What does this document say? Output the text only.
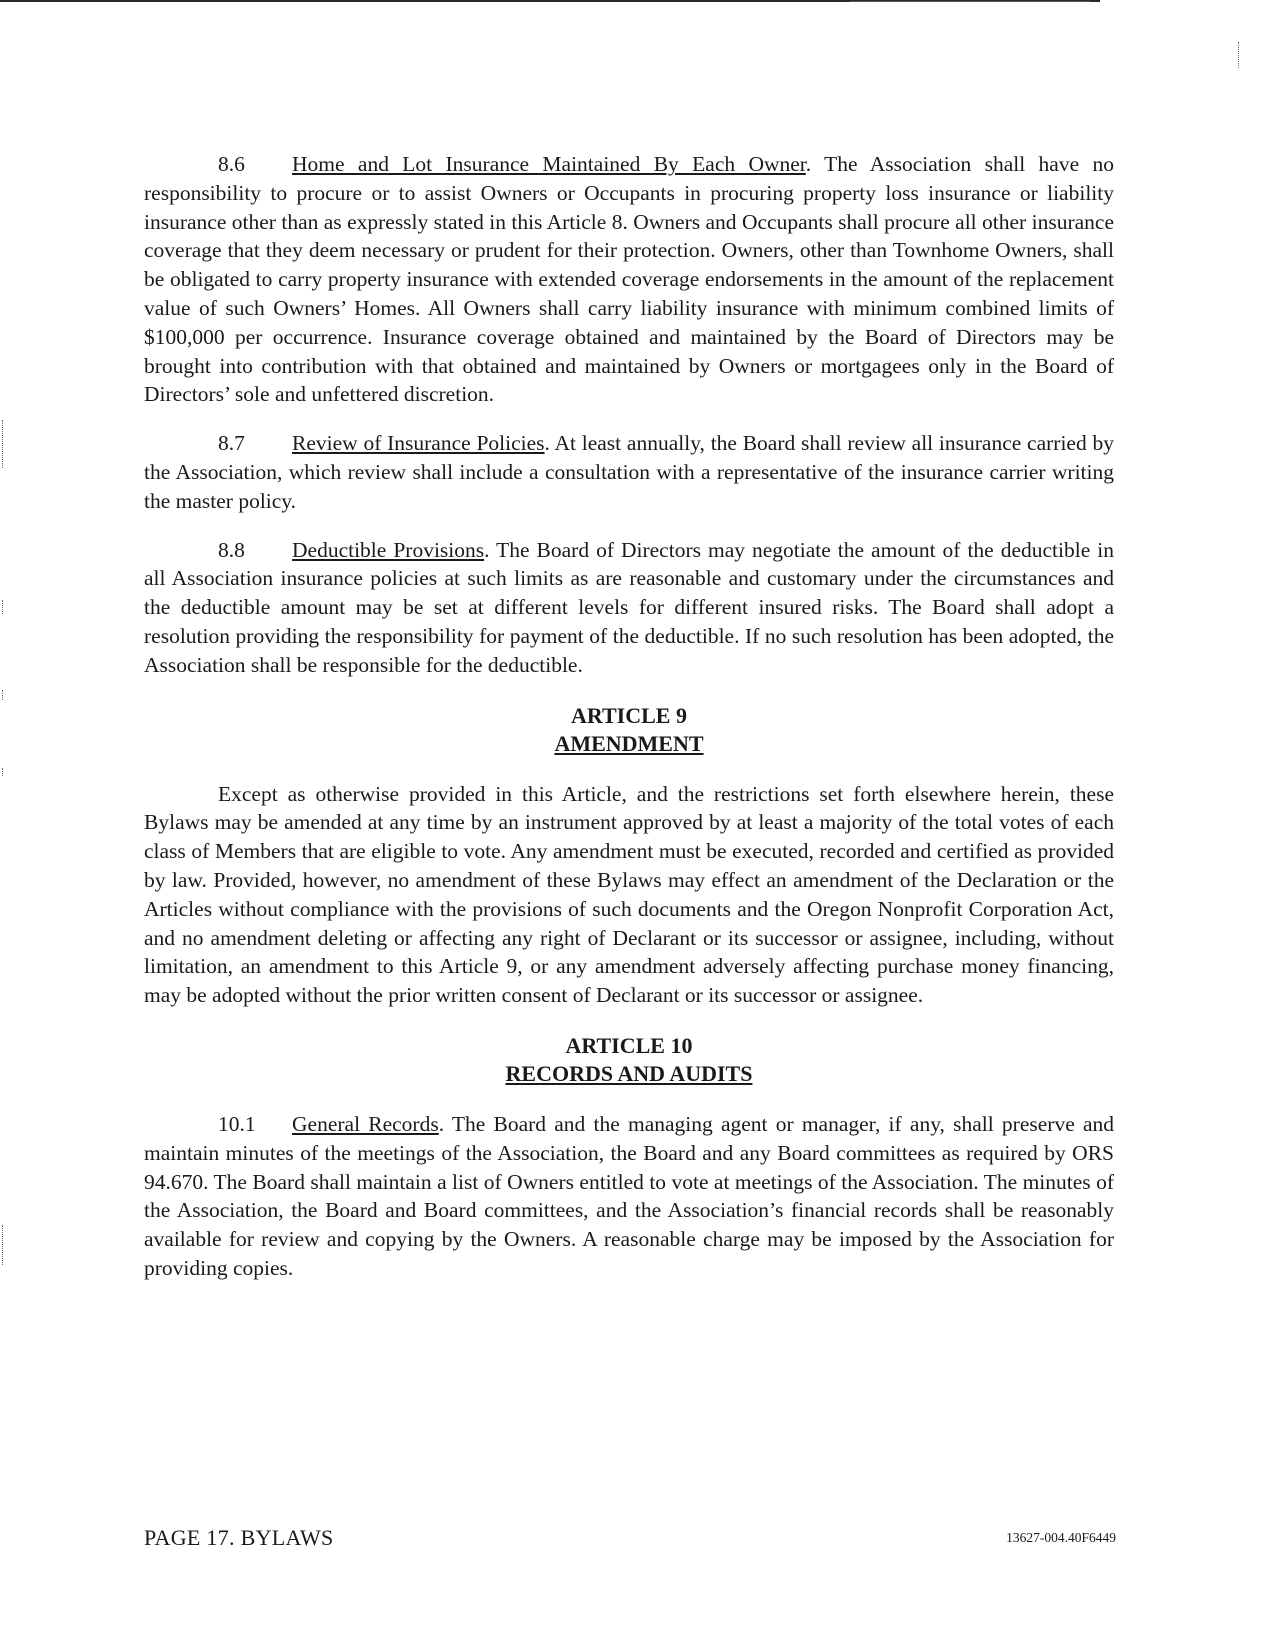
8.6 Home and Lot Insurance Maintained By Each Owner. The Association shall have no responsibility to procure or to assist Owners or Occupants in procuring property loss insurance or liability insurance other than as expressly stated in this Article 8. Owners and Occupants shall procure all other insurance coverage that they deem necessary or prudent for their protection. Owners, other than Townhome Owners, shall be obligated to carry property insurance with extended coverage endorsements in the amount of the replacement value of such Owners’ Homes. All Owners shall carry liability insurance with minimum combined limits of $100,000 per occurrence. Insurance coverage obtained and maintained by the Board of Directors may be brought into contribution with that obtained and maintained by Owners or mortgagees only in the Board of Directors’ sole and unfettered discretion.

8.7 Review of Insurance Policies. At least annually, the Board shall review all insurance carried by the Association, which review shall include a consultation with a representative of the insurance carrier writing the master policy.

8.8 Deductible Provisions. The Board of Directors may negotiate the amount of the deductible in all Association insurance policies at such limits as are reasonable and customary under the circumstances and the deductible amount may be set at different levels for different insured risks. The Board shall adopt a resolution providing the responsibility for payment of the deductible. If no such resolution has been adopted, the Association shall be responsible for the deductible.

ARTICLE 9

AMENDMENT

Except as otherwise provided in this Article, and the restrictions set forth elsewhere herein, these Bylaws may be amended at any time by an instrument approved by at least a majority of the total votes of each class of Members that are eligible to vote. Any amendment must be executed, recorded and certified as provided by law. Provided, however, no amendment of these Bylaws may effect an amendment of the Declaration or the Articles without compliance with the provisions of such documents and the Oregon Nonprofit Corporation Act, and no amendment deleting or affecting any right of Declarant or its successor or assignee, including, without limitation, an amendment to this Article 9, or any amendment adversely affecting purchase money financing, may be adopted without the prior written consent of Declarant or its successor or assignee.

ARTICLE 10

RECORDS AND AUDITS

10.1 General Records. The Board and the managing agent or manager, if any, shall preserve and maintain minutes of the meetings of the Association, the Board and any Board committees as required by ORS 94.670. The Board shall maintain a list of Owners entitled to vote at meetings of the Association. The minutes of the Association, the Board and Board committees, and the Association’s financial records shall be reasonably available for review and copying by the Owners. A reasonable charge may be imposed by the Association for providing copies.

PAGE 17. BYLAWS	13627-004.40F6449
